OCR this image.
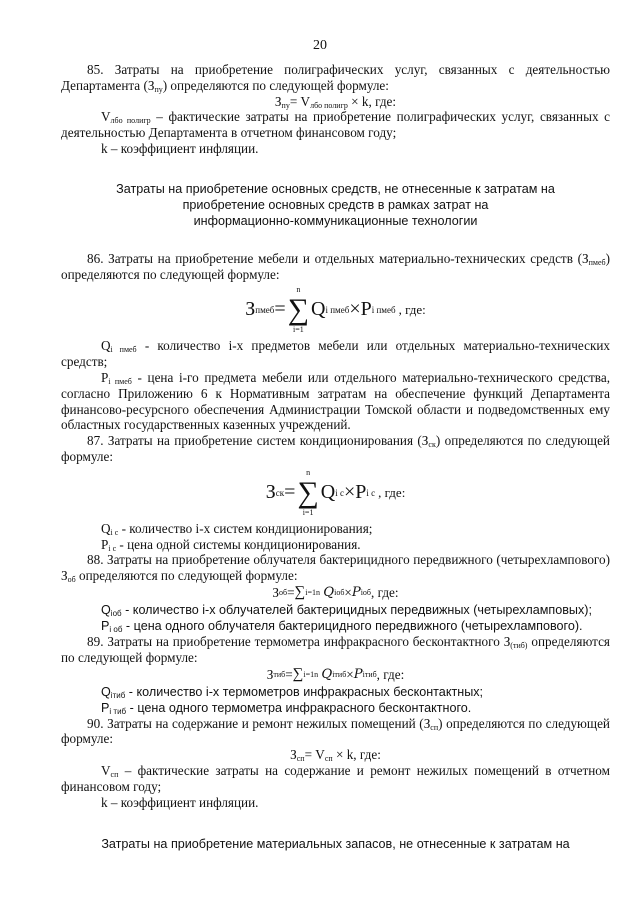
20

85. Затраты на приобретение полиграфических услуг, связанных с деятельностью Департамента $(З_{пу})$ определяются по следующей формуле:

$З_{пу}= V_{лбо полигр} \times k$, где:

$V_{лбо полигр}$ – фактические затраты на приобретение полиграфических услуг, связанных с деятельностью Департамента в отчетном финансовом году;

k – коэффициент инфляции.

Затраты на приобретение основных средств, не отнесенные к затратам на
приобретение основных средств в рамках затрат на
информационно-коммуникационные технологии

86. Затраты на приобретение мебели и отдельных материально-технических средств $(З_{пмеб})$ определяются по следующей формуле:

З пмеб =
n
∑
i=1
Q i пмеб × P i пмеб , где:

$Q_{i пмеб}$ - количество i-х предметов мебели или отдельных материально-технических средств;

$P_{i пмеб}$ - цена i-го предмета мебели или отдельного материально-технического средства, согласно Приложению 6 к Нормативным затратам на обеспечение функций Департамента финансово-ресурсного обеспечения Администрации Томской области и подведомственных ему областных государственных казенных учреждений.

87. Затраты на приобретение систем кондиционирования $(З_{ск})$ определяются по следующей формуле:

З ск =
n
∑
i=1
Q i с × P i с , где:

$Q_{i с}$ - количество i-х систем кондиционирования;

$P_{i с}$ - цена одной системы кондиционирования.

88. Затраты на приобретение облучателя бактерицидного передвижного (четырехлампового) $З_{об}$ определяются по следующей формуле:

З об = ∑ i=1 n
Q iоб × P iоб , где:

$Q_{iоб}$ - количество i-х облучателей бактерицидных передвижных (четырехламповых);

$P_{i об}$ - цена одного облучателя бактерицидного передвижного (четырехлампового).

89. Затраты на приобретение термометра инфракрасного бесконтактного $З_{(тиб)}$ определяются по следующей формуле:

З тиб = ∑ i=1 n
Q iтиб × P iтиб , где:

$Q_{iтиб}$ - количество i-х термометров инфракрасных бесконтактных;

$P_{i тиб}$ - цена одного термометра инфракрасного бесконтактного.

90. Затраты на содержание и ремонт нежилых помещений $(З_{сп})$ определяются по следующей формуле:

$З_{сп}= V_{сп} \times k$, где:

$V_{сп}$ – фактические затраты на содержание и ремонт нежилых помещений в отчетном финансовом году;

k – коэффициент инфляции.

Затраты на приобретение материальных запасов, не отнесенные к затратам на
